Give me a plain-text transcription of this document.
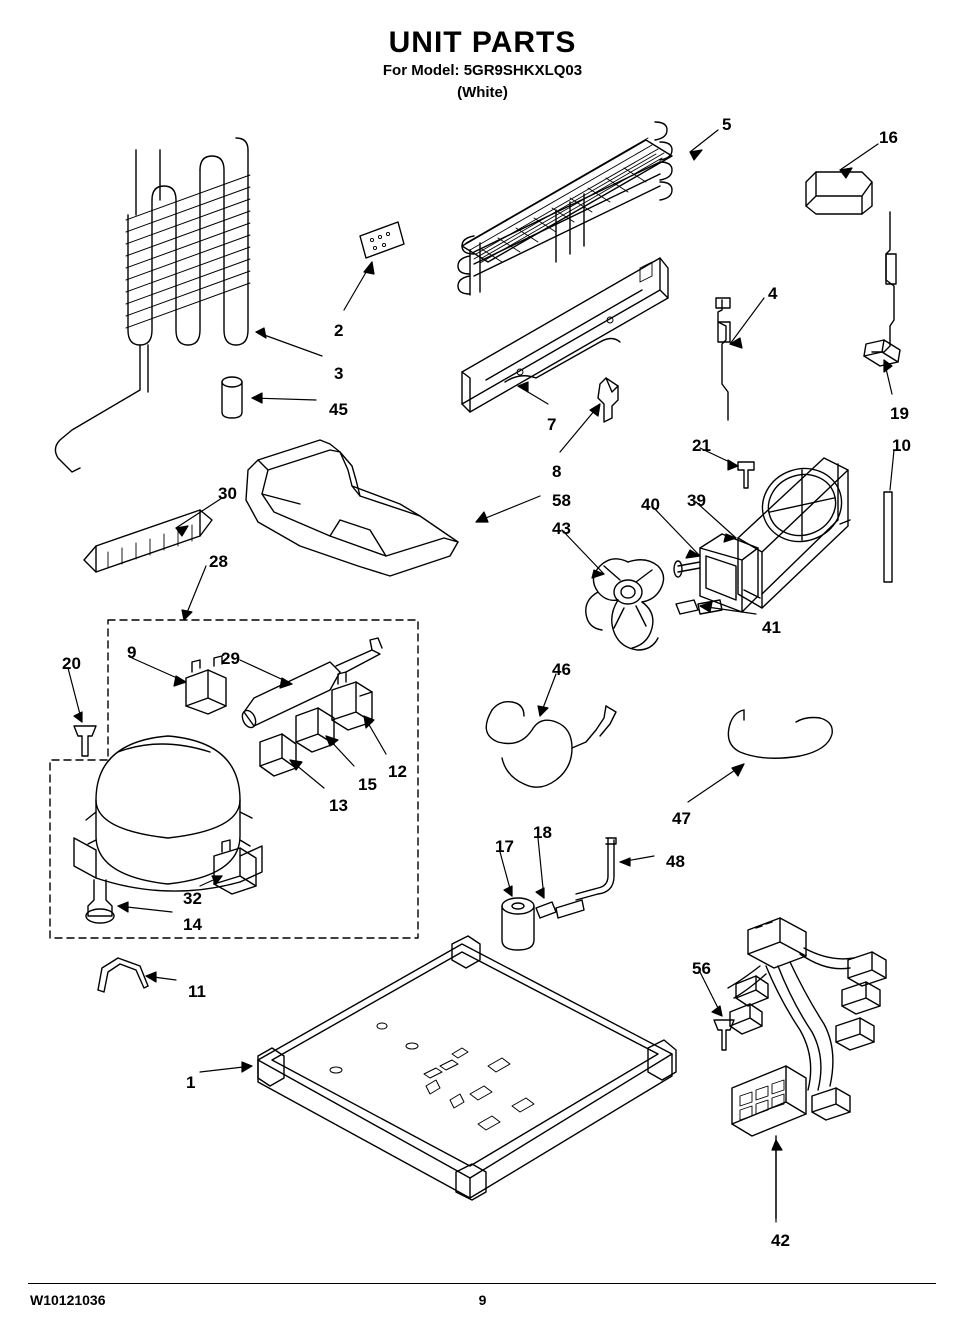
UNIT PARTS
For Model: 5GR9SHKXLQ03
(White)
5
16
2
3
4
45
7
8
19
21	10
30	58	40 39
43
28
41
9	29
20	46
12
15
13
47
17
18
48
32
14
11
56
1
42
W10121036	9
